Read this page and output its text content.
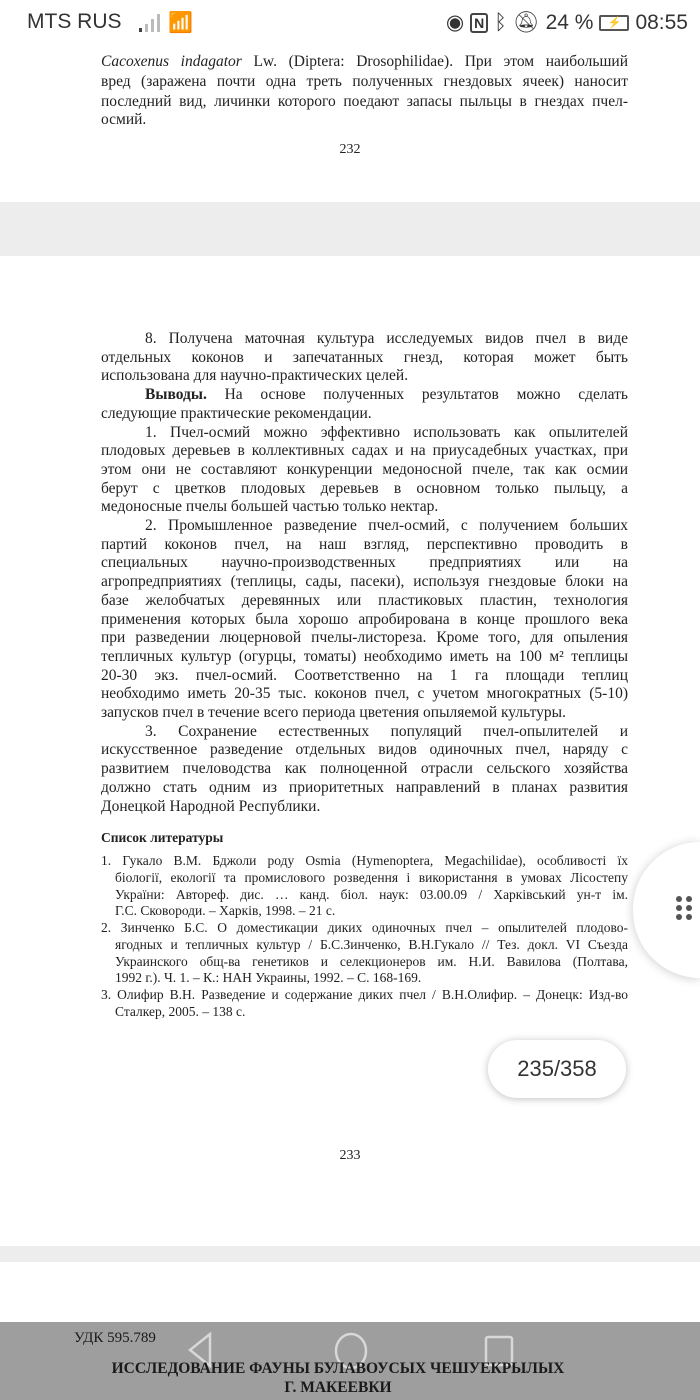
MTS RUS 📶	◉ N ᛒ 🔕︎ 24 %	⚡ 08:55
Cacoxenus indagator Lw. (Diptera: Drosophilidae). При этом наибольший
вред (заражена почти одна треть полученных гнездовых ячеек) наносит
последний вид, личинки которого поедают запасы пыльцы в гнездах пчел-
осмий.
232
233
8. Получена маточная культура исследуемых видов пчел в виде
отдельных коконов и запечатанных гнезд, которая может быть
использована для научно-практических целей.
Выводы. На основе полученных результатов можно сделать
следующие практические рекомендации.
1. Пчел-осмий можно эффективно использовать как опылителей
плодовых деревьев в коллективных садах и на приусадебных участках, при
этом они не составляют конкуренции медоносной пчеле, так как осмии
берут с цветков плодовых деревьев в основном только пыльцу, а
медоносные пчелы большей частью только нектар.
2. Промышленное разведение пчел-осмий, с получением больших
партий коконов пчел, на наш взгляд, перспективно проводить в
специальных научно-производственных предприятиях или на
агропредприятиях (теплицы, сады, пасеки), используя гнездовые блоки на
базе желобчатых деревянных или пластиковых пластин, технология
применения которых была хорошо апробирована в конце прошлого века
при разведении люцерновой пчелы-листореза. Кроме того, для опыления
тепличных культур (огурцы, томаты) необходимо иметь на 100 м² теплицы
20-30 экз. пчел-осмий. Соответственно на 1 га площади теплиц
необходимо иметь 20-35 тыс. коконов пчел, с учетом многократных (5-10)
запусков пчел в течение всего периода цветения опыляемой культуры.
3. Сохранение естественных популяций пчел-опылителей и
искусственное разведение отдельных видов одиночных пчел, наряду с
развитием пчеловодства как полноценной отрасли сельского хозяйства
должно стать одним из приоритетных направлений в планах развития
Донецкой Народной Республики.
Список литературы
1. Гукало В.М. Бджоли роду Osmia (Hymenoptera, Megachilidae), особливості їх
біології, екології та промислового розведення і використання в умовах Лісостепу
України: Автореф. дис. … канд. біол. наук: 03.00.09 / Харківський ун-т ім.
Г.С. Сковороди. – Харків, 1998. – 21 с.
2. Зинченко Б.С. О доместикации диких одиночных пчел – опылителей плодово-
ягодных и тепличных культур / Б.С.Зинченко, В.Н.Гукало // Тез. докл. VI Съезда
Украинского общ-ва генетиков и селекционеров им. Н.И. Вавилова (Полтава,
1992 г.). Ч. 1. – К.: НАН Украины, 1992. – С. 168-169.
3. Олифир В.Н. Разведение и содержание диких пчел / В.Н.Олифир. – Донецк: Изд-во
Сталкер, 2005. – 138 с.
235/358
УДК 595.789
ИССЛЕДОВАНИЕ ФАУНЫ БУЛАВОУСЫХ ЧЕШУЕКРЫЛЫХ
Г. МАКЕЕВКИ
